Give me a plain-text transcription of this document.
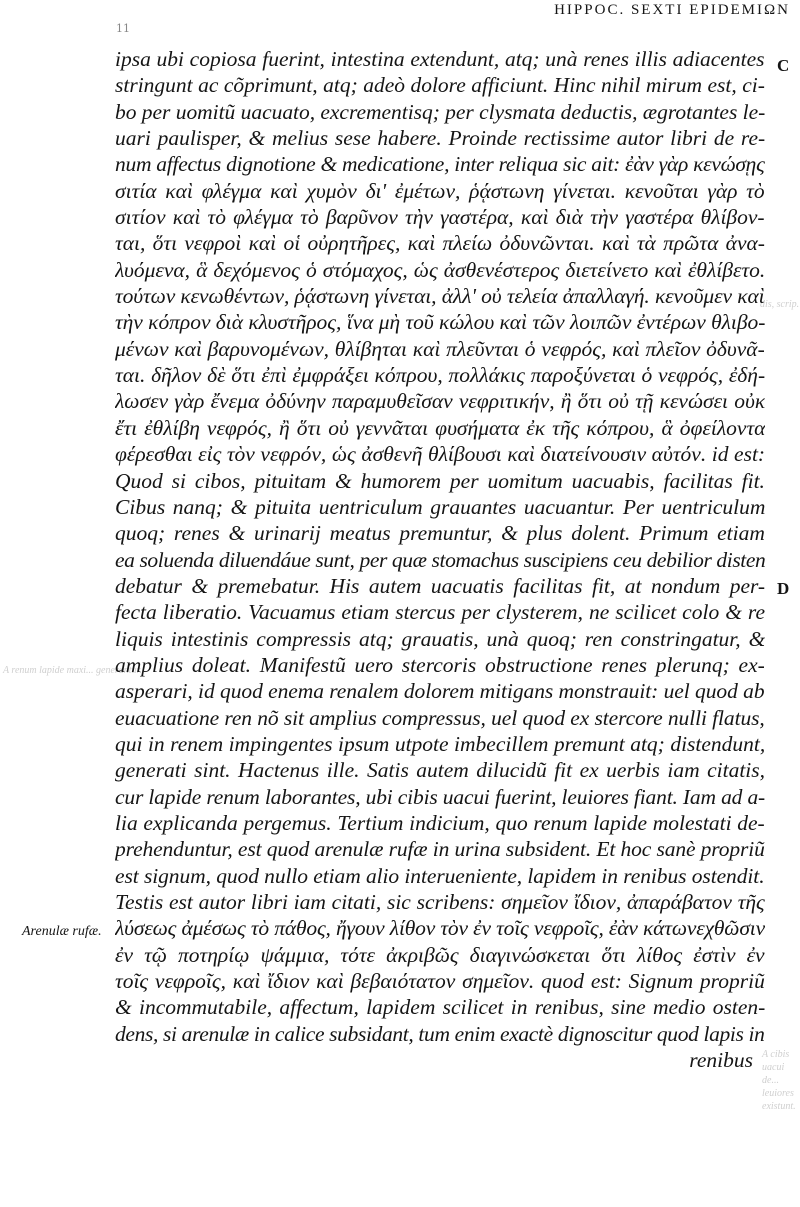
HIPPOC. SEXTI EPIDEMIΩN
11
C
D
Arenulæ rufæ.
dis, scrip.
A renum lapide maxi... generantur.
A cibis uacui de... leuiores existunt.
ipsa ubi copiosa fuerint, intestina extendunt, atq; unà renes illis adiacentes
stringunt ac cõprimunt, atq; adeò dolore afficiunt. Hinc nihil mirum est, ci-
bo per uomitũ uacuato, excrementisq; per clysmata deductis, ægrotantes le-
uari paulisper, & melius sese habere. Proinde rectissime autor libri de re-
num affectus dignotione & medicatione, inter reliqua sic ait: ἐὰν γὰρ κενώσῃς
σιτία καὶ φλέγμα καὶ χυμὸν δι' ἐμέτων, ῥᾴστωνη γίνεται. κενοῦται γὰρ τὸ
σιτίον καὶ τὸ φλέγμα τὸ βαρῦνον τὴν γαστέρα, καὶ διὰ τὴν γαστέρα θλίβον-
ται, ὅτι νεφροὶ καὶ οἱ οὐρητῆρες, καὶ πλείω ὀδυνῶνται. καὶ τὰ πρῶτα ἀνα-
λυόμενα, ἃ δεχόμενος ὁ στόμαχος, ὡς ἀσθενέστερος διετείνετο καὶ ἐθλίβετο.
τούτων κενωθέντων, ῥᾴστωνη γίνεται, ἀλλ' οὐ τελεία ἀπαλλαγή. κενοῦμεν καὶ
τὴν κόπρον διὰ κλυστῆρος, ἵνα μὴ τοῦ κώλου καὶ τῶν λοιπῶν ἐντέρων θλιβο-
μένων καὶ βαρυνομένων, θλίβηται καὶ πλεῦνται ὁ νεφρός, καὶ πλεῖον ὀδυνᾶ-
ται. δῆλον δὲ ὅτι ἐπὶ ἐμφράξει κόπρου, πολλάκις παροξύνεται ὁ νεφρός, ἐδή-
λωσεν γὰρ ἔνεμα ὀδύνην παραμυθεῖσαν νεφριτικήν, ἢ ὅτι οὐ τῇ κενώσει οὐκ
ἔτι ἐθλίβη νεφρός, ἢ ὅτι οὐ γεννᾶται φυσήματα ἐκ τῆς κόπρου, ἃ ὀφείλοντα
φέρεσθαι εἰς τὸν νεφρόν, ὡς ἀσθενῆ θλίβουσι καὶ διατείνουσιν αὐτόν. id est:
Quod si cibos, pituitam & humorem per uomitum uacuabis, facilitas fit.
Cibus nanq; & pituita uentriculum grauantes uacuantur. Per uentriculum
quoq; renes & urinarij meatus premuntur, & plus dolent. Primum etiam
ea soluenda diluendáue sunt, per quæ stomachus suscipiens ceu debilior disten
debatur & premebatur. His autem uacuatis facilitas fit, at nondum per-
fecta liberatio. Vacuamus etiam stercus per clysterem, ne scilicet colo & re
liquis intestinis compressis atq; grauatis, unà quoq; ren constringatur, &
amplius doleat. Manifestũ uero stercoris obstructione renes plerunq; ex-
asperari, id quod enema renalem dolorem mitigans monstrauit: uel quod ab
euacuatione ren nõ sit amplius compressus, uel quod ex stercore nulli flatus,
qui in renem impingentes ipsum utpote imbecillem premunt atq; distendunt,
generati sint. Hactenus ille. Satis autem dilucidũ fit ex uerbis iam citatis,
cur lapide renum laborantes, ubi cibis uacui fuerint, leuiores fiant. Iam ad a-
lia explicanda pergemus. Tertium indicium, quo renum lapide molestati de-
prehenduntur, est quod arenulæ rufæ in urina subsident. Et hoc sanè propriũ
est signum, quod nullo etiam alio interueniente, lapidem in renibus ostendit.
Testis est autor libri iam citati, sic scribens: σημεῖον ἴδιον, ἀπαράβατον τῆς
λύσεως ἀμέσως τὸ πάθος, ἤγουν λίθον τὸν ἐν τοῖς νεφροῖς, ἐὰν κάτωνεχθῶσιν
ἐν τῷ ποτηρίῳ ψάμμια, τότε ἀκριβῶς διαγινώσκεται ὅτι λίθος ἐστὶν ἐν
τοῖς νεφροῖς, καὶ ἴδιον καὶ βεβαιότατον σημεῖον. quod est: Signum propriũ
& incommutabile, affectum, lapidem scilicet in renibus, sine medio osten-
dens, si arenulæ in calice subsidant, tum enim exactè dignoscitur quod lapis in
renibus
